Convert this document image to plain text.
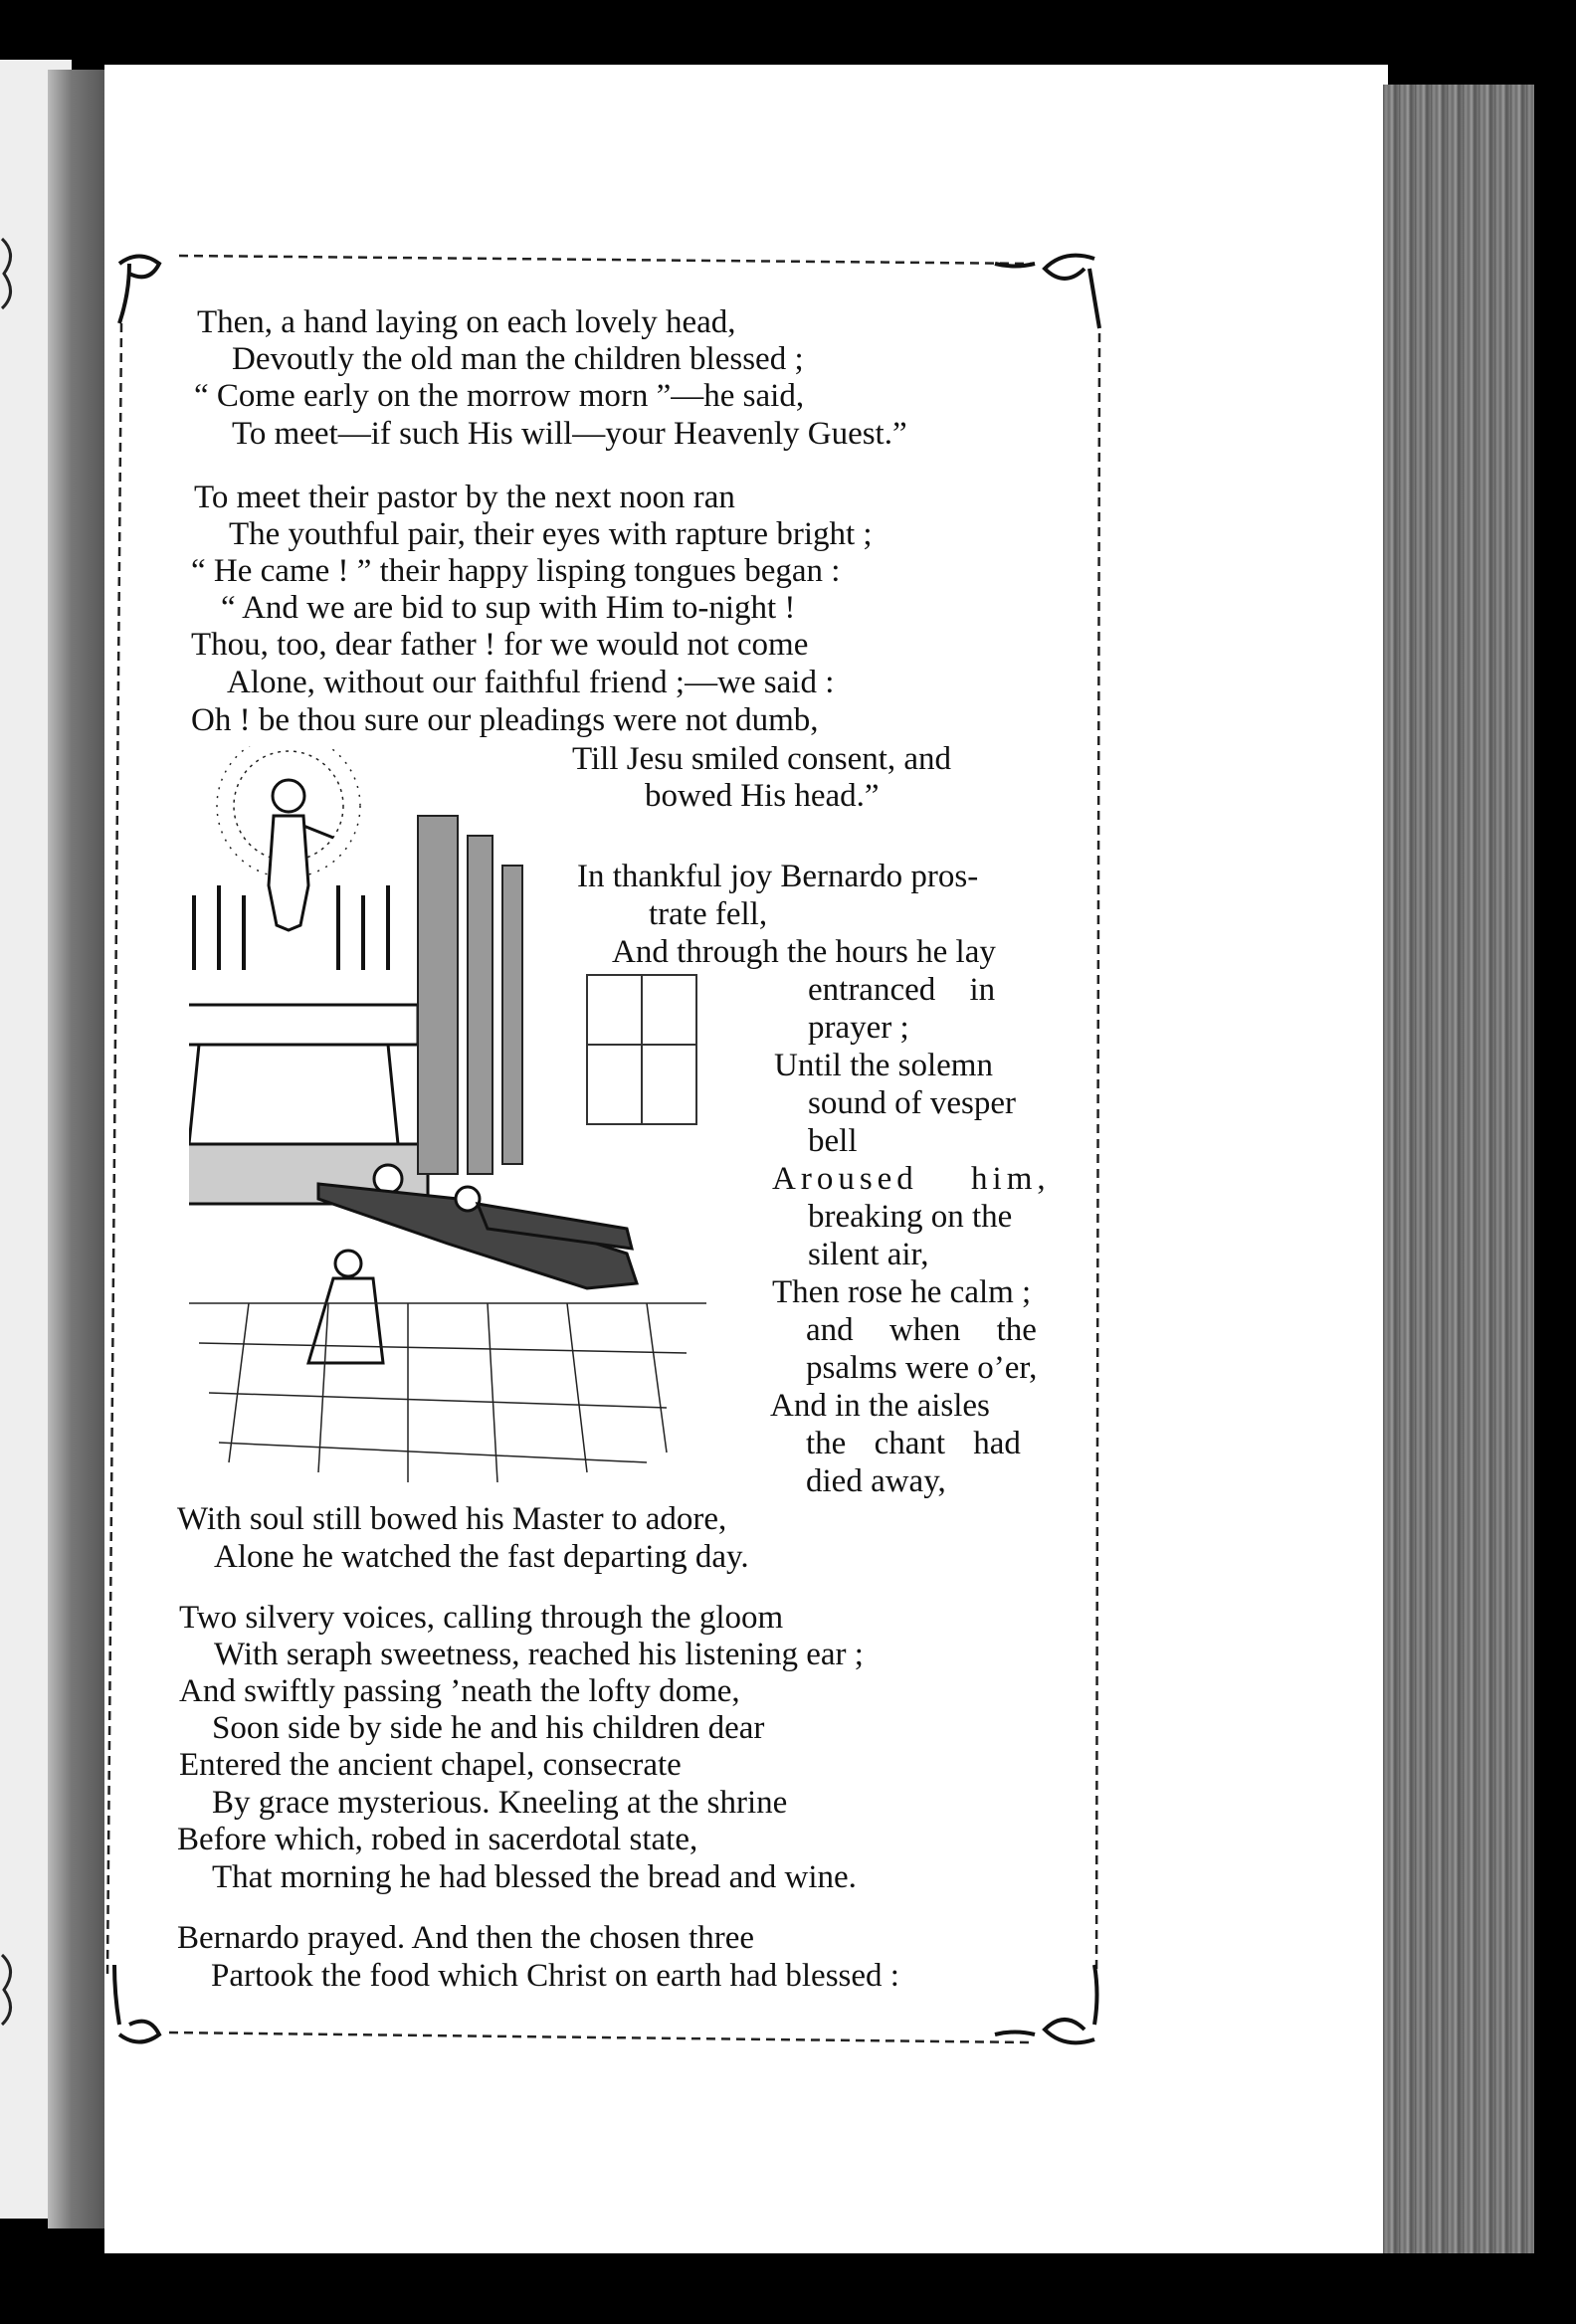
Then, a hand laying on each lovely head,
Devoutly the old man the children blessed ;
“ Come early on the morrow morn ”—he said,
To meet—if such His will—your Heavenly Guest.”
To meet their pastor by the next noon ran
The youthful pair, their eyes with rapture bright ;
“ He came ! ” their happy lisping tongues began :
“ And we are bid to sup with Him to-night !
Thou, too, dear father ! for we would not come
Alone, without our faithful friend ;—we said :
Oh ! be thou sure our pleadings were not dumb,
Till Jesu smiled consent, and
bowed His head.”
In thankful joy Bernardo pros-
trate fell,
And through the hours he lay
entranced in
prayer ;
Until the solemn
sound of vesper
bell
Aroused him,
breaking on the
silent air,
Then rose he calm ;
and when the
psalms were o’er,
And in the aisles
the chant had
died away,
With soul still bowed his Master to adore,
Alone he watched the fast departing day.
Two silvery voices, calling through the gloom
With seraph sweetness, reached his listening ear ;
And swiftly passing ’neath the lofty dome,
Soon side by side he and his children dear
Entered the ancient chapel, consecrate
By grace mysterious. Kneeling at the shrine
Before which, robed in sacerdotal state,
That morning he had blessed the bread and wine.
Bernardo prayed. And then the chosen three
Partook the food which Christ on earth had blessed :
